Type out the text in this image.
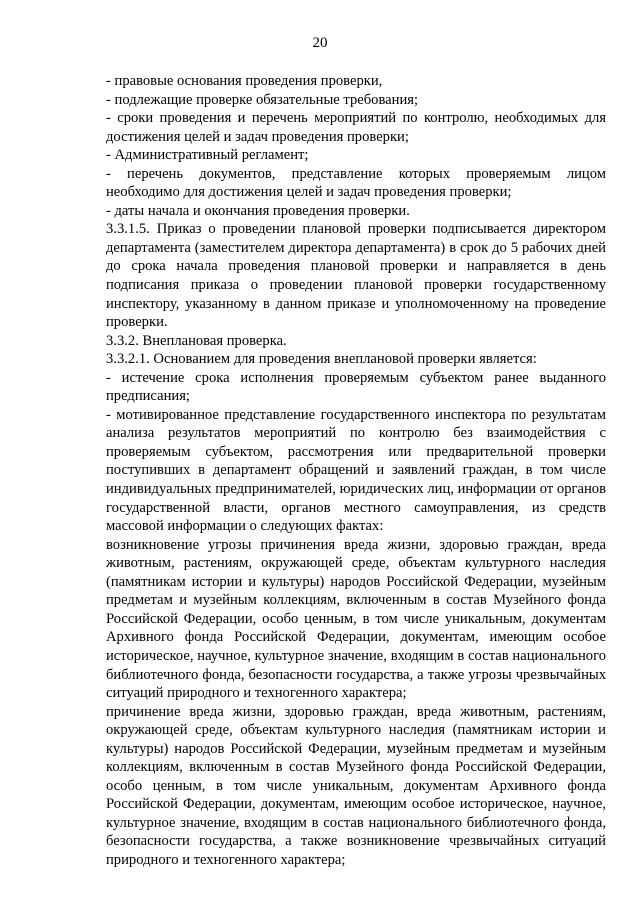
20

- правовые основания проведения проверки,

- подлежащие проверке обязательные требования;

- сроки проведения и перечень мероприятий по контролю, необходимых для достижения целей и задач проведения проверки;

- Административный регламент;

- перечень документов, представление которых проверяемым лицом необходимо для достижения целей и задач проведения проверки;

- даты начала и окончания проведения проверки.

3.3.1.5. Приказ о проведении плановой проверки подписывается директором департамента (заместителем директора департамента) в срок до 5 рабочих дней до срока начала проведения плановой проверки и направляется в день подписания приказа о проведении плановой проверки государственному инспектору, указанному в данном приказе и уполномоченному на проведение проверки.

3.3.2. Внеплановая проверка.

3.3.2.1. Основанием для проведения внеплановой проверки является:

- истечение срока исполнения проверяемым субъектом ранее выданного предписания;

- мотивированное представление государственного инспектора по результатам анализа результатов мероприятий по контролю без взаимодействия с проверяемым субъектом, рассмотрения или предварительной проверки поступивших в департамент обращений и заявлений граждан, в том числе индивидуальных предпринимателей, юридических лиц, информации от органов государственной власти, органов местного самоуправления, из средств массовой информации о следующих фактах:

возникновение угрозы причинения вреда жизни, здоровью граждан, вреда животным, растениям, окружающей среде, объектам культурного наследия (памятникам истории и культуры) народов Российской Федерации, музейным предметам и музейным коллекциям, включенным в состав Музейного фонда Российской Федерации, особо ценным, в том числе уникальным, документам Архивного фонда Российской Федерации, документам, имеющим особое историческое, научное, культурное значение, входящим в состав национального библиотечного фонда, безопасности государства, а также угрозы чрезвычайных ситуаций природного и техногенного характера;

причинение вреда жизни, здоровью граждан, вреда животным, растениям, окружающей среде, объектам культурного наследия (памятникам истории и культуры) народов Российской Федерации, музейным предметам и музейным коллекциям, включенным в состав Музейного фонда Российской Федерации, особо ценным, в том числе уникальным, документам Архивного фонда Российской Федерации, документам, имеющим особое историческое, научное, культурное значение, входящим в состав национального библиотечного фонда, безопасности государства, а также возникновение чрезвычайных ситуаций природного и техногенного характера;
